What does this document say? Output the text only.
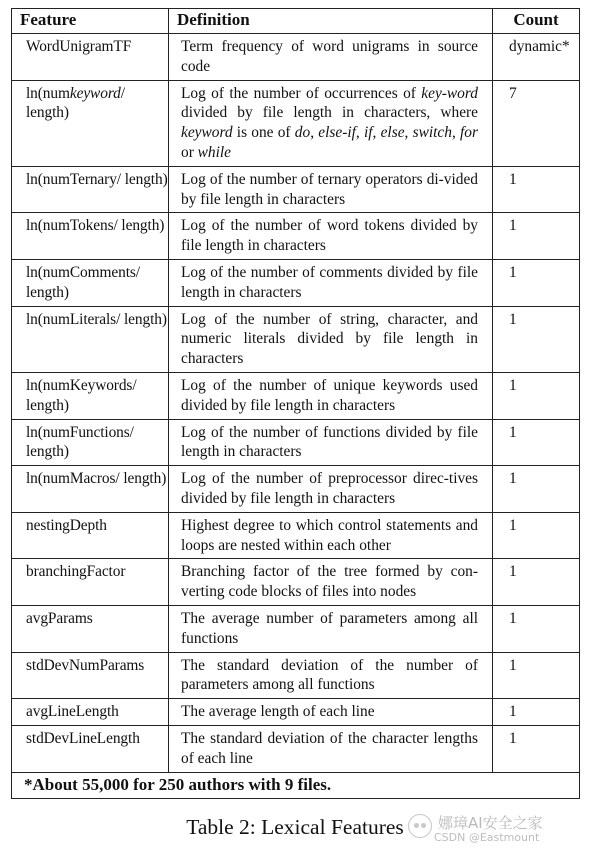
Feature	Definition	Count
WordUnigramTF	Term frequency of word unigrams in source code	dynamic*
ln(numkeyword/ length)	Log of the number of occurrences of key-word divided by file length in characters, where keyword is one of do, else-if, if, else, switch, for or while	7
ln(numTernary/ length)	Log of the number of ternary operators di-vided by file length in characters	1
ln(numTokens/ length)	Log of the number of word tokens divided by file length in characters	1
ln(numComments/ length)	Log of the number of comments divided by file length in characters	1
ln(numLiterals/ length)	Log of the number of string, character, and numeric literals divided by file length in characters	1
ln(numKeywords/ length)	Log of the number of unique keywords used divided by file length in characters	1
ln(numFunctions/ length)	Log of the number of functions divided by file length in characters	1
ln(numMacros/ length)	Log of the number of preprocessor direc-tives divided by file length in characters	1
nestingDepth	Highest degree to which control statements and loops are nested within each other	1
branchingFactor	Branching factor of the tree formed by con-verting code blocks of files into nodes	1
avgParams	The average number of parameters among all functions	1
stdDevNumParams	The standard deviation of the number of parameters among all functions	1
avgLineLength	The average length of each line	1
stdDevLineLength	The standard deviation of the character lengths of each line	1
*About 55,000 for 250 authors with 9 files.		
Table 2: Lexical Features	娜璋AI安全之家
CSDN @Eastmount
